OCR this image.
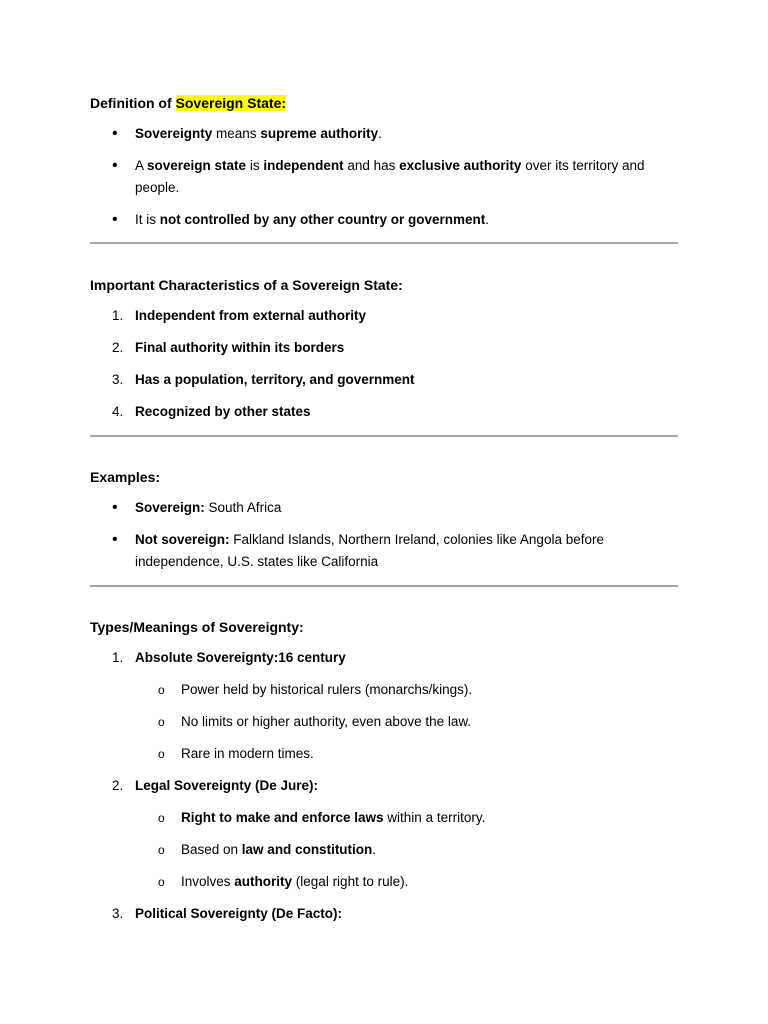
Definition of Sovereign State:
• Sovereignty means supreme authority.
• A sovereign state is independent and has exclusive authority over its territory and people.
• It is not controlled by any other country or government.
Important Characteristics of a Sovereign State:
1. Independent from external authority
2. Final authority within its borders
3. Has a population, territory, and government
4. Recognized by other states
Examples:
• Sovereign: South Africa
• Not sovereign: Falkland Islands, Northern Ireland, colonies like Angola before independence, U.S. states like California
Types/Meanings of Sovereignty:
1. Absolute Sovereignty:16 century
o Power held by historical rulers (monarchs/kings).
o No limits or higher authority, even above the law.
o Rare in modern times.
2. Legal Sovereignty (De Jure):
o Right to make and enforce laws within a territory.
o Based on law and constitution.
o Involves authority (legal right to rule).
3. Political Sovereignty (De Facto):
